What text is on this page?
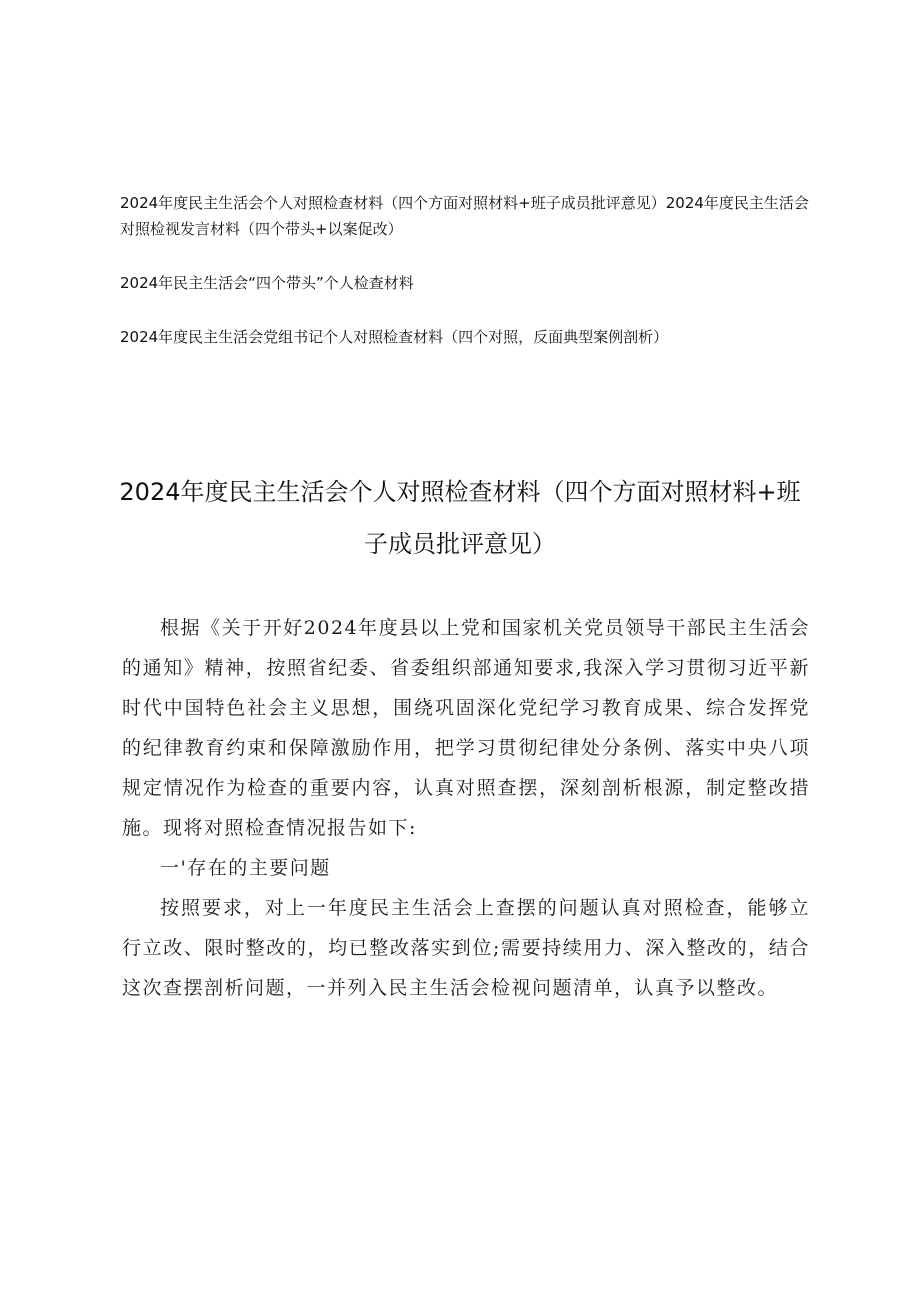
2024年度民主生活会个人对照检查材料（四个方面对照材料+班子成员批评意见）2024年度民主生活会对照检视发言材料（四个带头+以案促改）

2024年民主生活会“四个带头”个人检查材料

2024年度民主生活会党组书记个人对照检查材料（四个对照，反面典型案例剖析）

2024年度民主生活会个人对照检查材料（四个方面对照材料+班子成员批评意见）

根据《关于开好2024年度县以上党和国家机关党员领导干部民主生活会的通知》精神，按照省纪委、省委组织部通知要求,我深入学习贯彻习近平新时代中国特色社会主义思想，围绕巩固深化党纪学习教育成果、综合发挥党的纪律教育约束和保障激励作用，把学习贯彻纪律处分条例、落实中央八项规定情况作为检查的重要内容，认真对照查摆，深刻剖析根源，制定整改措施。现将对照检查情况报告如下:

一'存在的主要问题

按照要求，对上一年度民主生活会上查摆的问题认真对照检查，能够立行立改、限时整改的，均已整改落实到位;需要持续用力、深入整改的，结合这次查摆剖析问题，一并列入民主生活会检视问题清单，认真予以整改。
